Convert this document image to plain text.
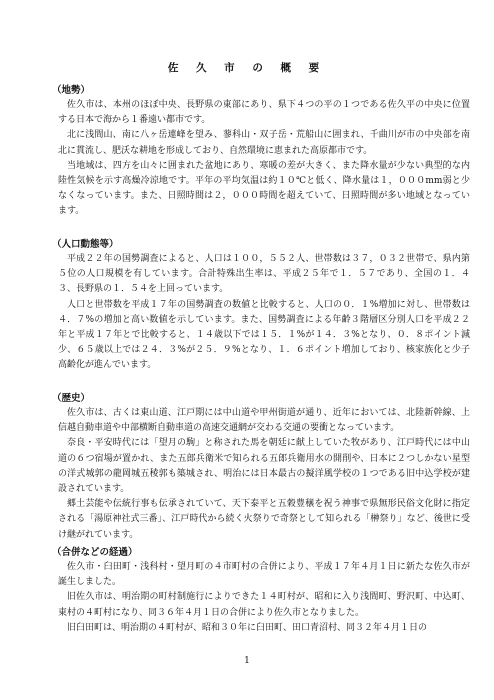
佐 久 市 の 概 要
（地勢）

佐久市は、本州のほぼ中央、長野県の東部にあり、県下４つの平の１つである佐久平の中央に位置する日本で海から１番遠い都市です。

北に浅間山、南に八ヶ岳連峰を望み、蓼科山・双子岳・荒船山に囲まれ、千曲川が市の中央部を南北に貫流し、肥沃な耕地を形成しており、自然環境に恵まれた高原都市です。

当地域は、四方を山々に囲まれた盆地にあり、寒暖の差が大きく、また降水量が少ない典型的な内陸性気候を示す高燥冷涼地です。平年の平均気温は約１０℃と低く、降水量は１，０００mm弱と少なくなっています。また、日照時間は２，０００時間を超えていて、日照時間が多い地域となっています。

（人口動態等）

平成２２年の国勢調査によると、人口は１００，５５２人、世帯数は３７，０３２世帯で、県内第５位の人口規模を有しています。合計特殊出生率は、平成２５年で１．５７であり、全国の１．４３、長野県の１．５４を上回っています。

人口と世帯数を平成１７年の国勢調査の数値と比較すると、人口の０．１%増加に対し、世帯数は４．７%の増加と高い数値を示しています。また、国勢調査による年齢３階層区分別人口を平成２２年と平成１７年とで比較すると、１４歳以下では１５．１%が１４．３%となり、０．８ポイント減少、６５歳以上では２４．３%が２５．９%となり、１．６ポイント増加しており、核家族化と少子高齢化が進んでいます。

（歴史）

佐久市は、古くは東山道、江戸期には中山道や甲州街道が通り、近年においては、北陸新幹線、上信越自動車道や中部横断自動車道の高速交通網が交わる交通の要衝となっています。

奈良・平安時代には「望月の駒」と称された馬を朝廷に献上していた牧があり、江戸時代には中山道の６つ宿場が置かれ、また五郎兵衛米で知られる五郎兵衛用水の開削や、日本に２つしかない星型の洋式城郭の龍岡城五稜郭も築城され、明治には日本最古の擬洋風学校の１つである旧中込学校が建設されています。

郷土芸能や伝統行事も伝承されていて、天下泰平と五穀豊穣を祝う神事で県無形民俗文化財に指定される「湯原神社式三番」、江戸時代から続く火祭りで奇祭として知られる「榊祭り」など、後世に受け継がれています。

（合併などの経過）

佐久市・臼田町・浅科村・望月町の４市町村の合併により、平成１７年４月１日に新たな佐久市が誕生しました。

旧佐久市は、明治期の町村制施行によりできた１４町村が、昭和に入り浅間町、野沢町、中込町、東村の４町村になり、同３６年４月１日の合併により佐久市となりました。

旧臼田町は、明治期の４町村が、昭和３０年に臼田町、田口青沼村、同３２年４月１日の

1
